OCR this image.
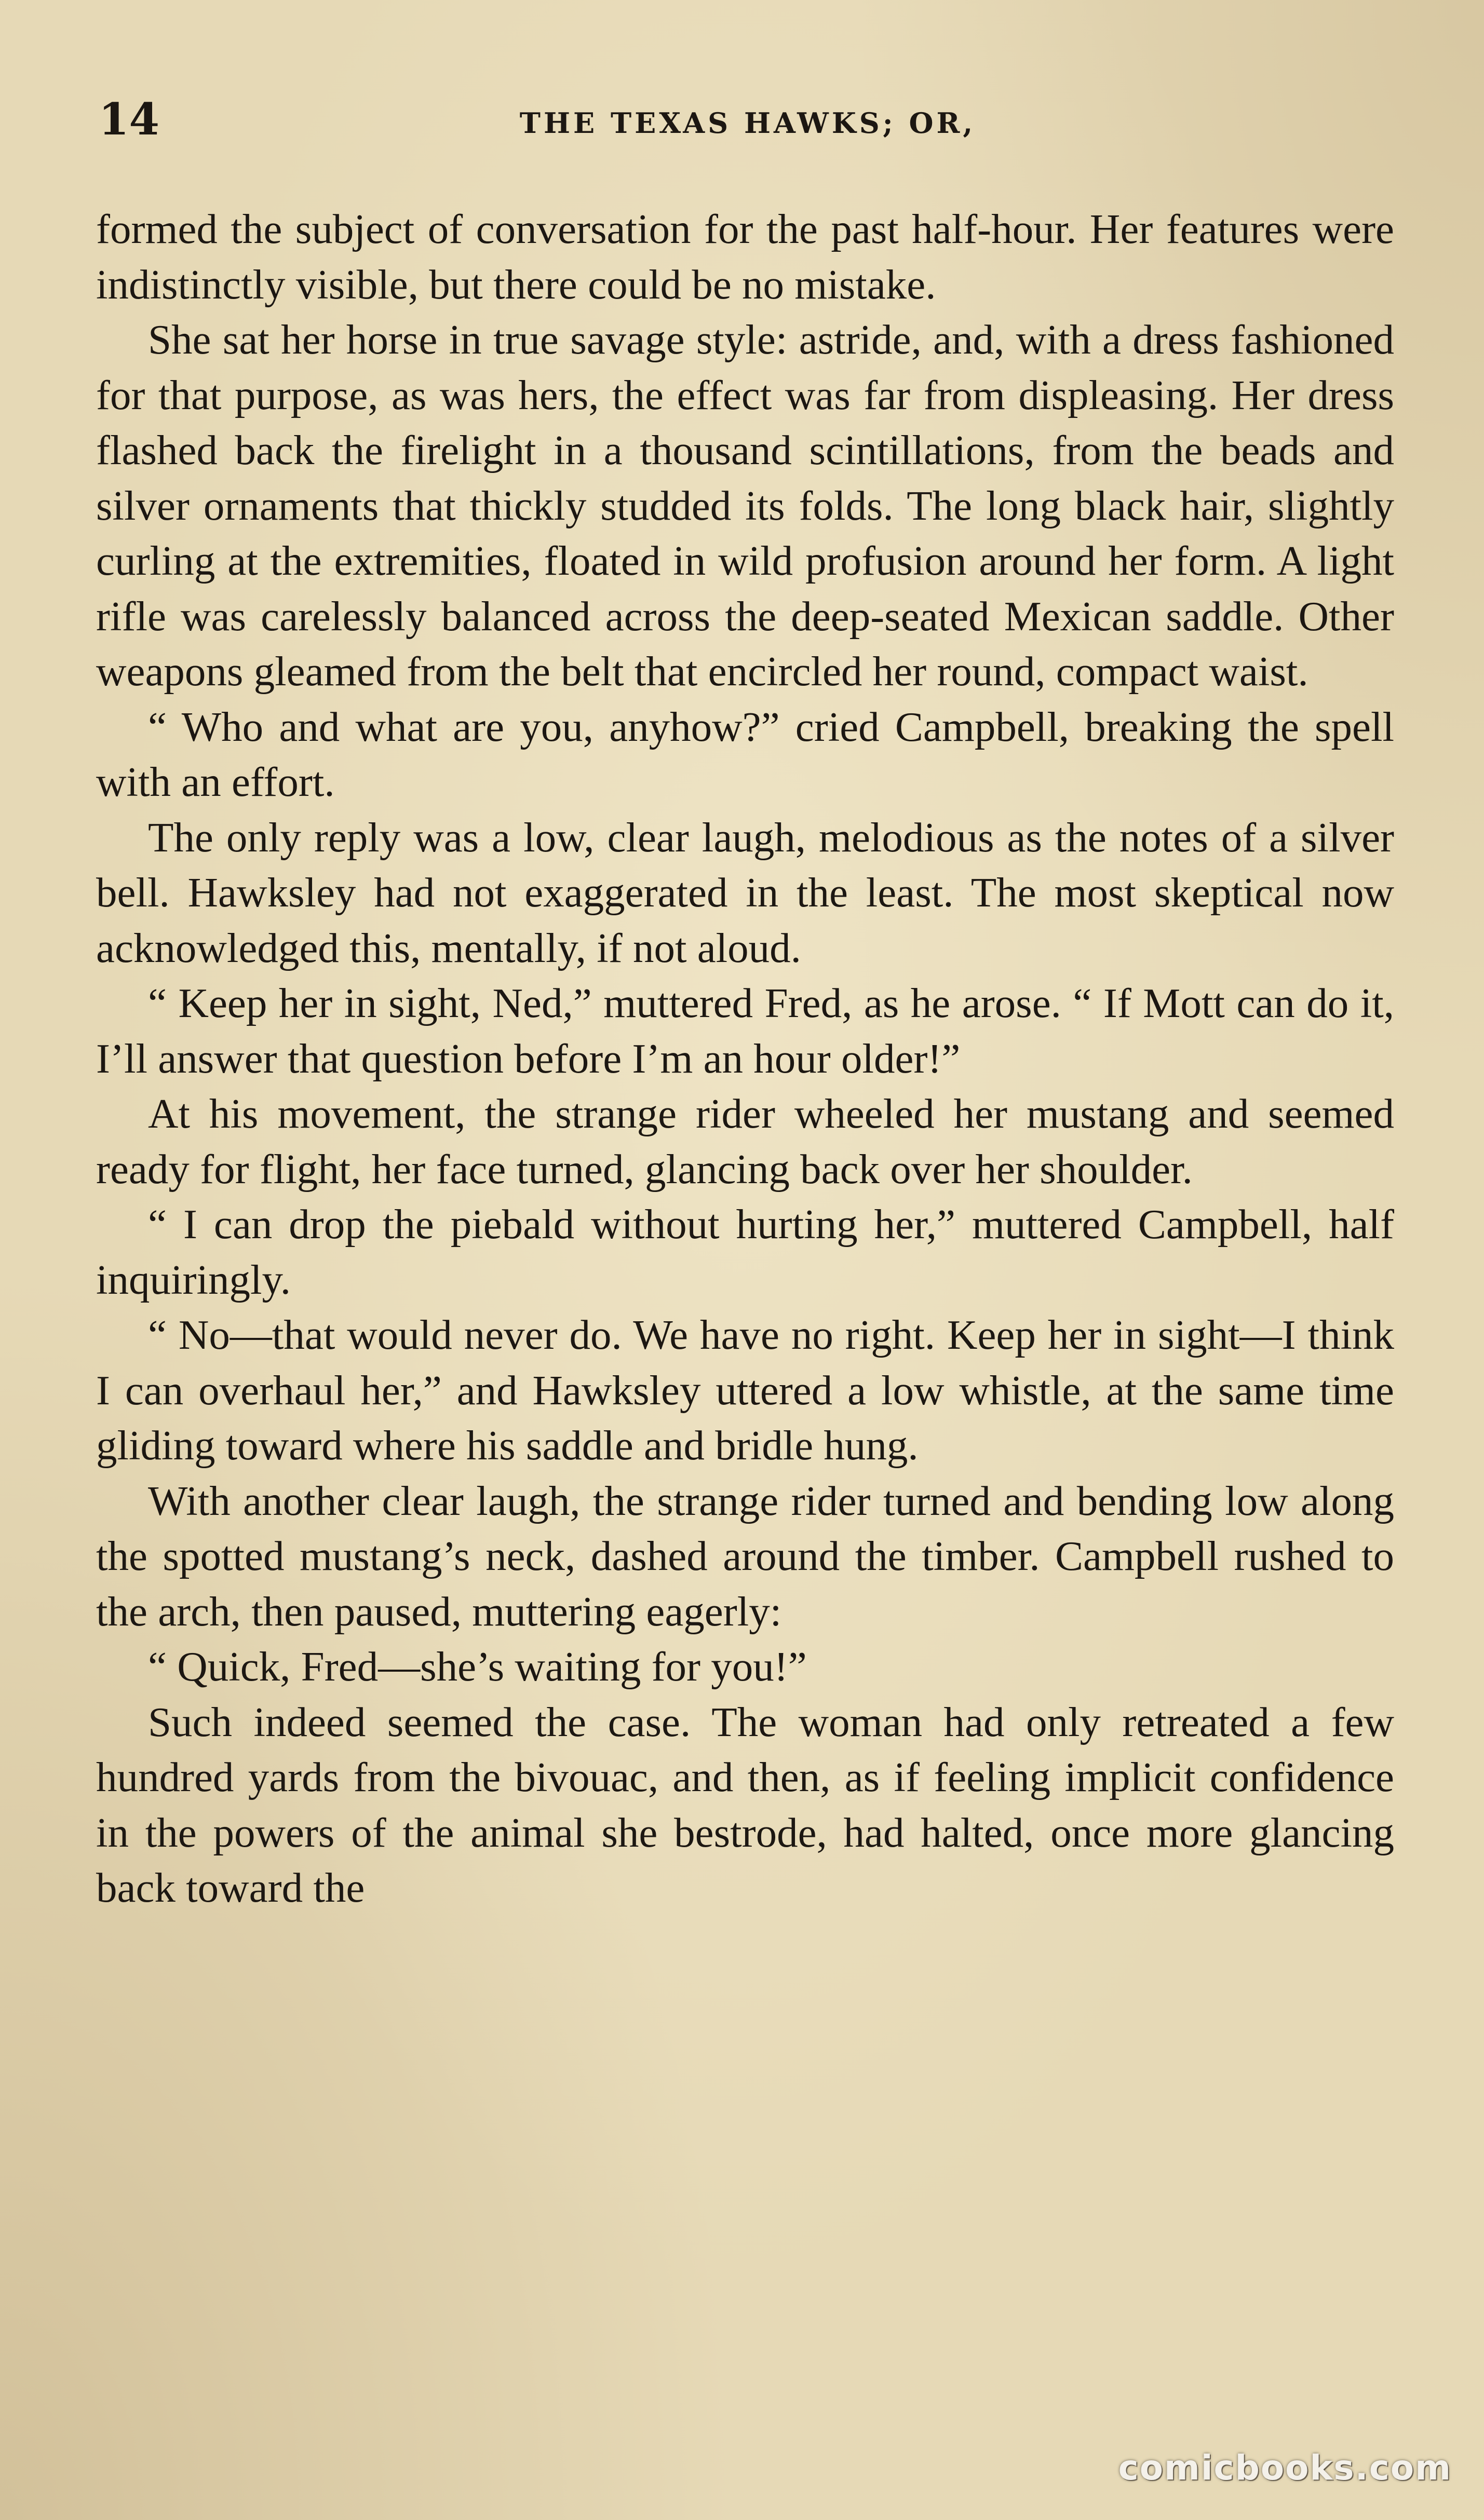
14	THE TEXAS HAWKS; OR,

formed the subject of conversation for the past half-hour. Her features were indistinctly visible, but there could be no mistake.

She sat her horse in true savage style: astride, and, with a dress fashioned for that purpose, as was hers, the effect was far from displeasing. Her dress flashed back the firelight in a thousand scintillations, from the beads and silver ornaments that thickly studded its folds. The long black hair, slightly curling at the extremities, floated in wild profusion around her form. A light rifle was carelessly balanced across the deep-seated Mexican saddle. Other weapons gleamed from the belt that encircled her round, compact waist.

“ Who and what are you, anyhow?” cried Campbell, breaking the spell with an effort.

The only reply was a low, clear laugh, melodious as the notes of a silver bell. Hawksley had not exaggerated in the least. The most skeptical now acknowledged this, mentally, if not aloud.

“ Keep her in sight, Ned,” muttered Fred, as he arose. “ If Mott can do it, I’ll answer that question before I’m an hour older!”

At his movement, the strange rider wheeled her mustang and seemed ready for flight, her face turned, glancing back over her shoulder.

“ I can drop the piebald without hurting her,” muttered Campbell, half inquiringly.

“ No—that would never do. We have no right. Keep her in sight—I think I can overhaul her,” and Hawksley uttered a low whistle, at the same time gliding toward where his saddle and bridle hung.

With another clear laugh, the strange rider turned and bending low along the spotted mustang’s neck, dashed around the timber. Campbell rushed to the arch, then paused, muttering eagerly:

“ Quick, Fred—she’s waiting for you!”

Such indeed seemed the case. The woman had only retreated a few hundred yards from the bivouac, and then, as if feeling implicit confidence in the powers of the animal she bestrode, had halted, once more glancing back toward the

comicbooks.com
